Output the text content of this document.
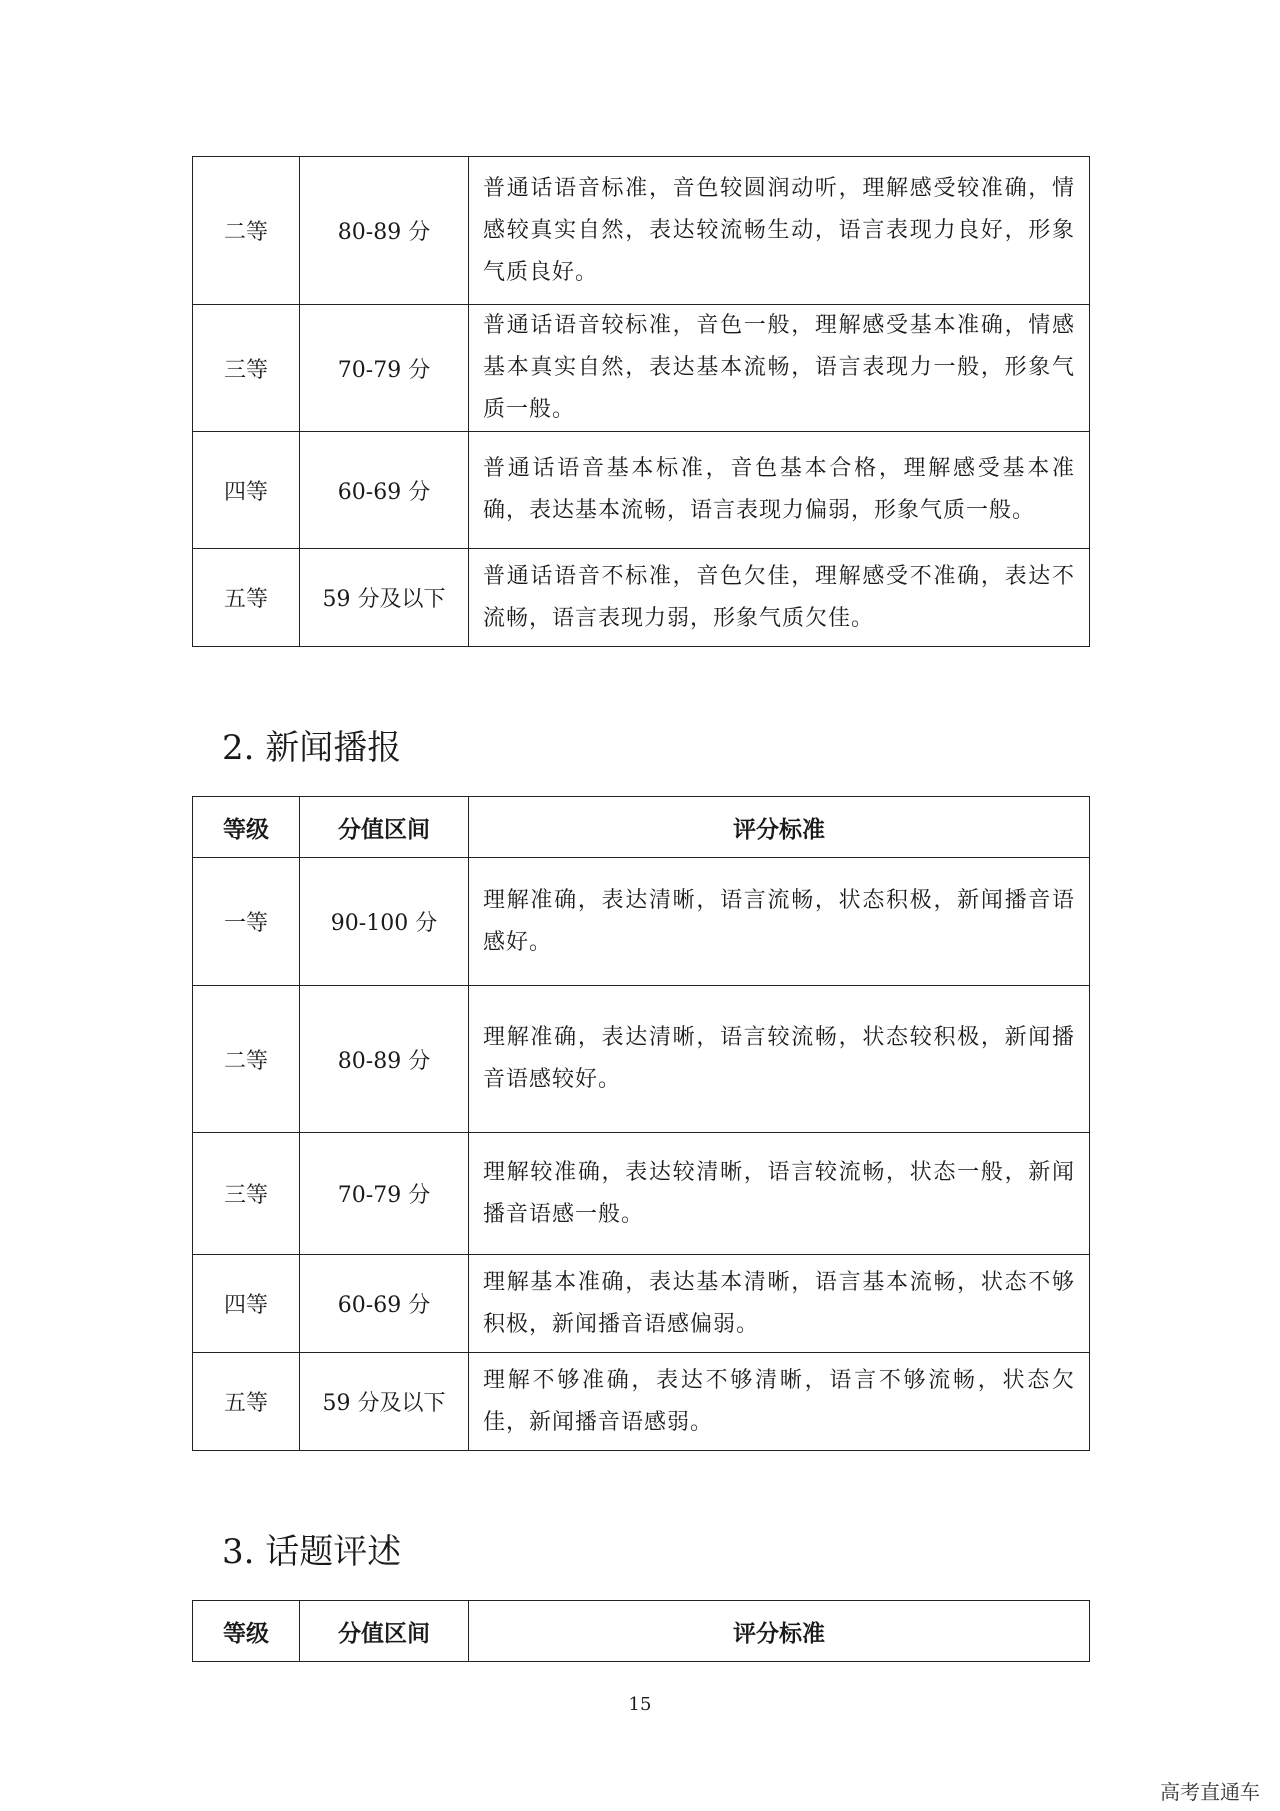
二等	80-89 分	普通话语音标准，音色较圆润动听，理解感受较准确，情感较真实自然，表达较流畅生动，语言表现力良好，形象气质良好。
三等	70-79 分	普通话语音较标准，音色一般，理解感受基本准确，情感基本真实自然，表达基本流畅，语言表现力一般，形象气质一般。
四等	60-69 分	普通话语音基本标准，音色基本合格，理解感受基本准确，表达基本流畅，语言表现力偏弱，形象气质一般。
五等	59 分及以下	普通话语音不标准，音色欠佳，理解感受不准确，表达不流畅，语言表现力弱，形象气质欠佳。
2. 新闻播报
等级	分值区间	评分标准
一等	90-100 分	理解准确，表达清晰，语言流畅，状态积极，新闻播音语感好。
二等	80-89 分	理解准确，表达清晰，语言较流畅，状态较积极，新闻播音语感较好。
三等	70-79 分	理解较准确，表达较清晰，语言较流畅，状态一般，新闻播音语感一般。
四等	60-69 分	理解基本准确，表达基本清晰，语言基本流畅，状态不够积极，新闻播音语感偏弱。
五等	59 分及以下	理解不够准确，表达不够清晰，语言不够流畅，状态欠佳，新闻播音语感弱。
3. 话题评述
等级	分值区间	评分标准
15
高考直通车
